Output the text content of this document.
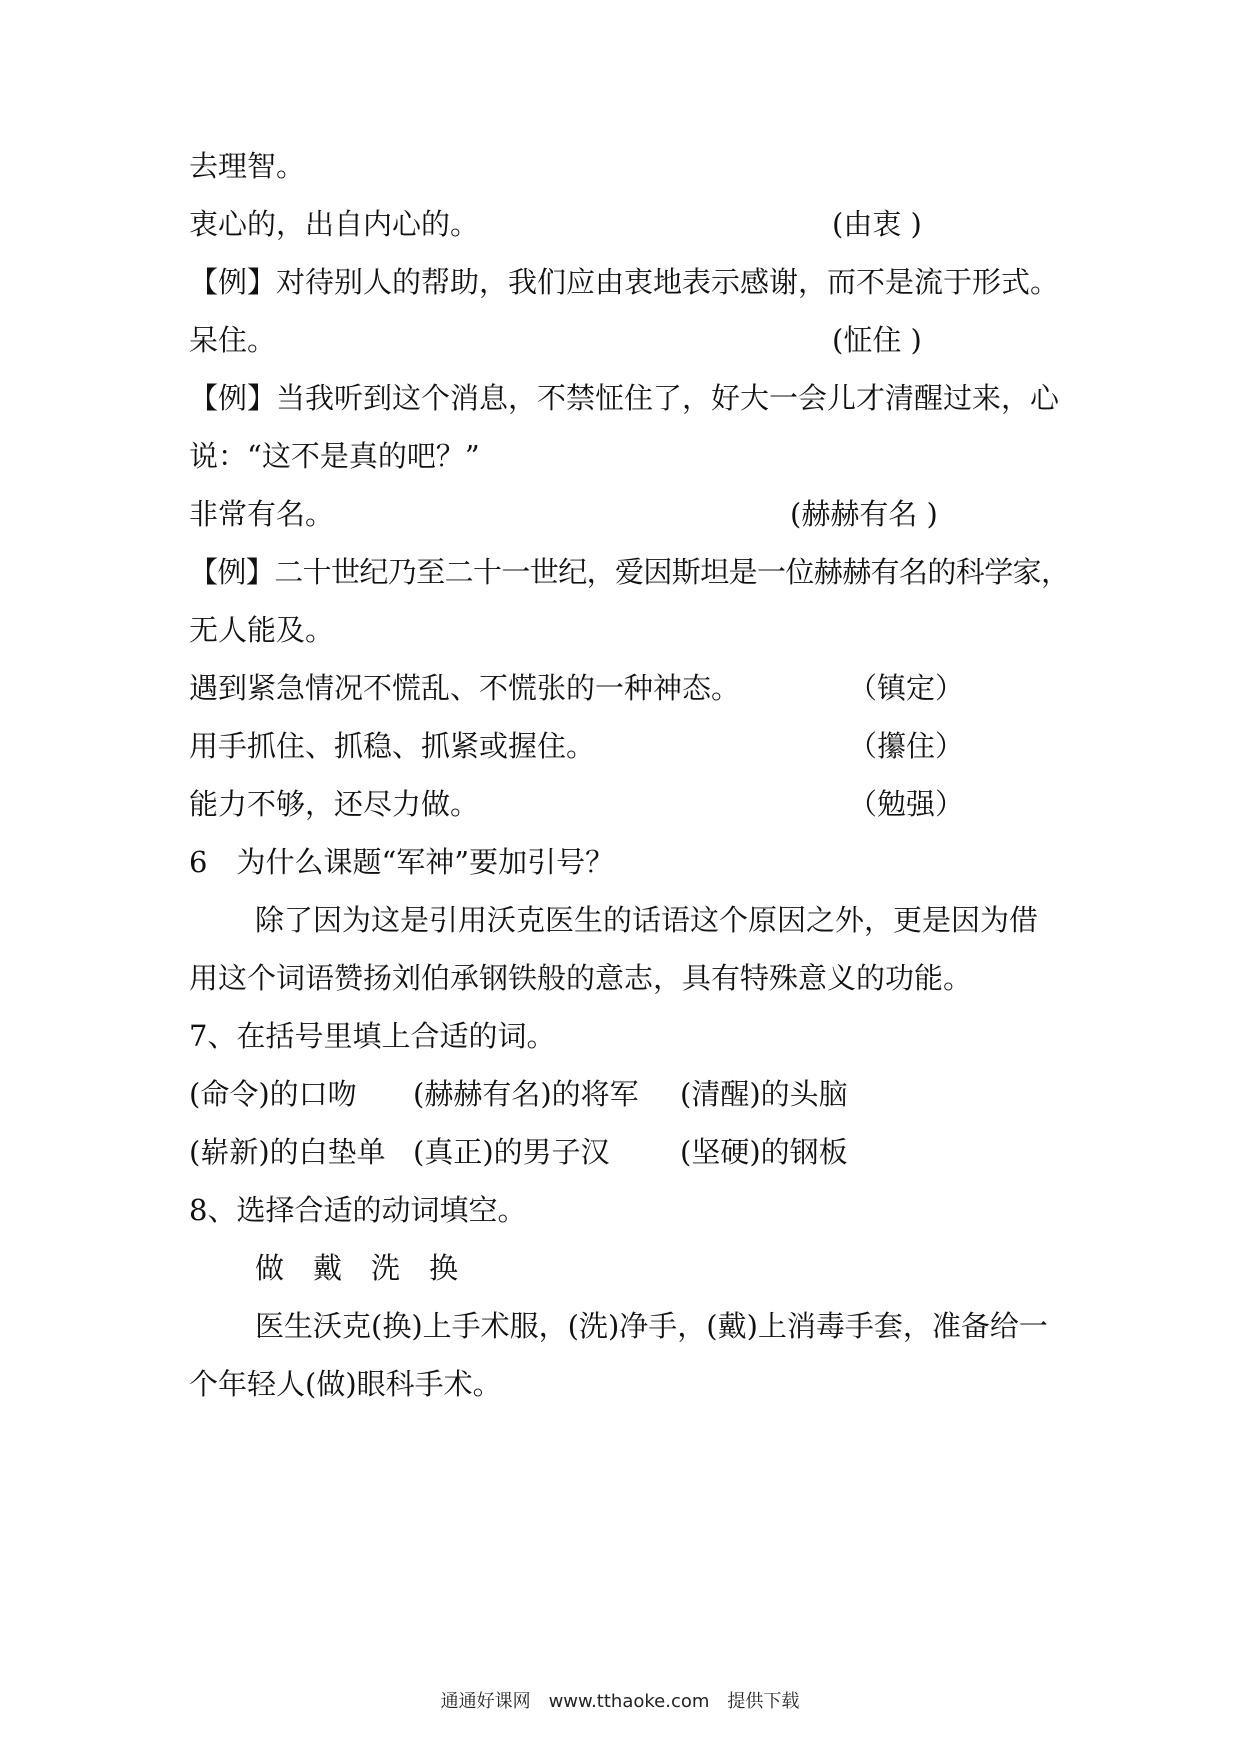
去理智。
衷心的，出自内心的。	(由衷 )
【例】对待别人的帮助，我们应由衷地表示感谢，而不是流于形式。
呆住。	(怔住 )
【例】当我听到这个消息，不禁怔住了，好大一会儿才清醒过来，心
说：“这不是真的吧？”
非常有名。	(赫赫有名 )
【例】二十世纪乃至二十一世纪，爱因斯坦是一位赫赫有名的科学家，
无人能及。
遇到紧急情况不慌乱、不慌张的一种神态。	（镇定）
用手抓住、抓稳、抓紧或握住。	（攥住）
能力不够，还尽力做。	（勉强）
6　为什么课题“军神”要加引号？
除了因为这是引用沃克医生的话语这个原因之外，更是因为借
用这个词语赞扬刘伯承钢铁般的意志，具有特殊意义的功能。
7、在括号里填上合适的词。
(命令)的口吻 (赫赫有名)的将军 (清醒)的头脑
(崭新)的白垫单 (真正)的男子汉 (坚硬)的钢板
8、选择合适的动词填空。
做　戴　洗　换
医生沃克(换)上手术服，(洗)净手，(戴)上消毒手套，准备给一
个年轻人(做)眼科手术。
通通好课网　www.tthaoke.com　提供下载
